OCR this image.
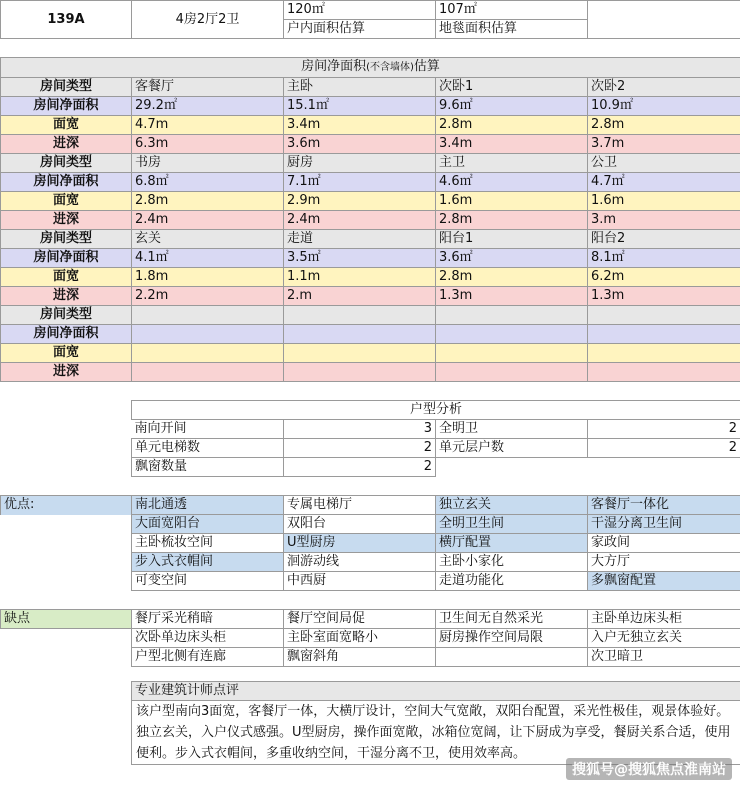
139A	4房2厅2卫	120㎡	107㎡	
		户内面积估算	地毯面积估算	

房间净面积(不含墙体)估算				
房间类型	客餐厅	主卧	次卧1	次卧2
房间净面积	29.2㎡	15.1㎡	9.6㎡	10.9㎡
面宽	4.7m	3.4m	2.8m	2.8m
进深	6.3m	3.6m	3.4m	3.7m
房间类型	书房	厨房	主卫	公卫
房间净面积	6.8㎡	7.1㎡	4.6㎡	4.7㎡
面宽	2.8m	2.9m	1.6m	1.6m
进深	2.4m	2.4m	2.8m	3.m
房间类型	玄关	走道	阳台1	阳台2
房间净面积	4.1㎡	3.5㎡	3.6㎡	8.1㎡
面宽	1.8m	1.1m	2.8m	6.2m
进深	2.2m	2.m	1.3m	1.3m
房间类型				
房间净面积				
面宽				
进深				

	户型分析			
	南向开间	3	全明卫	2
	单元电梯数	2	单元层户数	2
	飘窗数量	2		

优点:	南北通透	专属电梯厅	独立玄关	客餐厅一体化
	大面宽阳台	双阳台	全明卫生间	干湿分离卫生间
	主卧梳妆空间	U型厨房	横厅配置	家政间
	步入式衣帽间	洄游动线	主卧小家化	大方厅
	可变空间	中西厨	走道功能化	多飘窗配置

缺点	餐厅采光稍暗	餐厅空间局促	卫生间无自然采光	主卧单边床头柜
	次卧单边床头柜	主卧室面宽略小	厨房操作空间局限	入户无独立玄关
	户型北侧有连廊	飘窗斜角		次卫暗卫

	专业建筑计师点评			
	该户型南向3面宽，客餐厅一体，大横厅设计，空间大气宽敞，双阳台配置，采光性极佳，观景体验好。独立玄关，入户仪式感强。U型厨房，操作面宽敞，冰箱位宽阔，让下厨成为享受，餐厨关系合适，使用便利。步入式衣帽间，多重收纳空间，干湿分离不卫，使用效率高。			
搜狐号@搜狐焦点淮南站
